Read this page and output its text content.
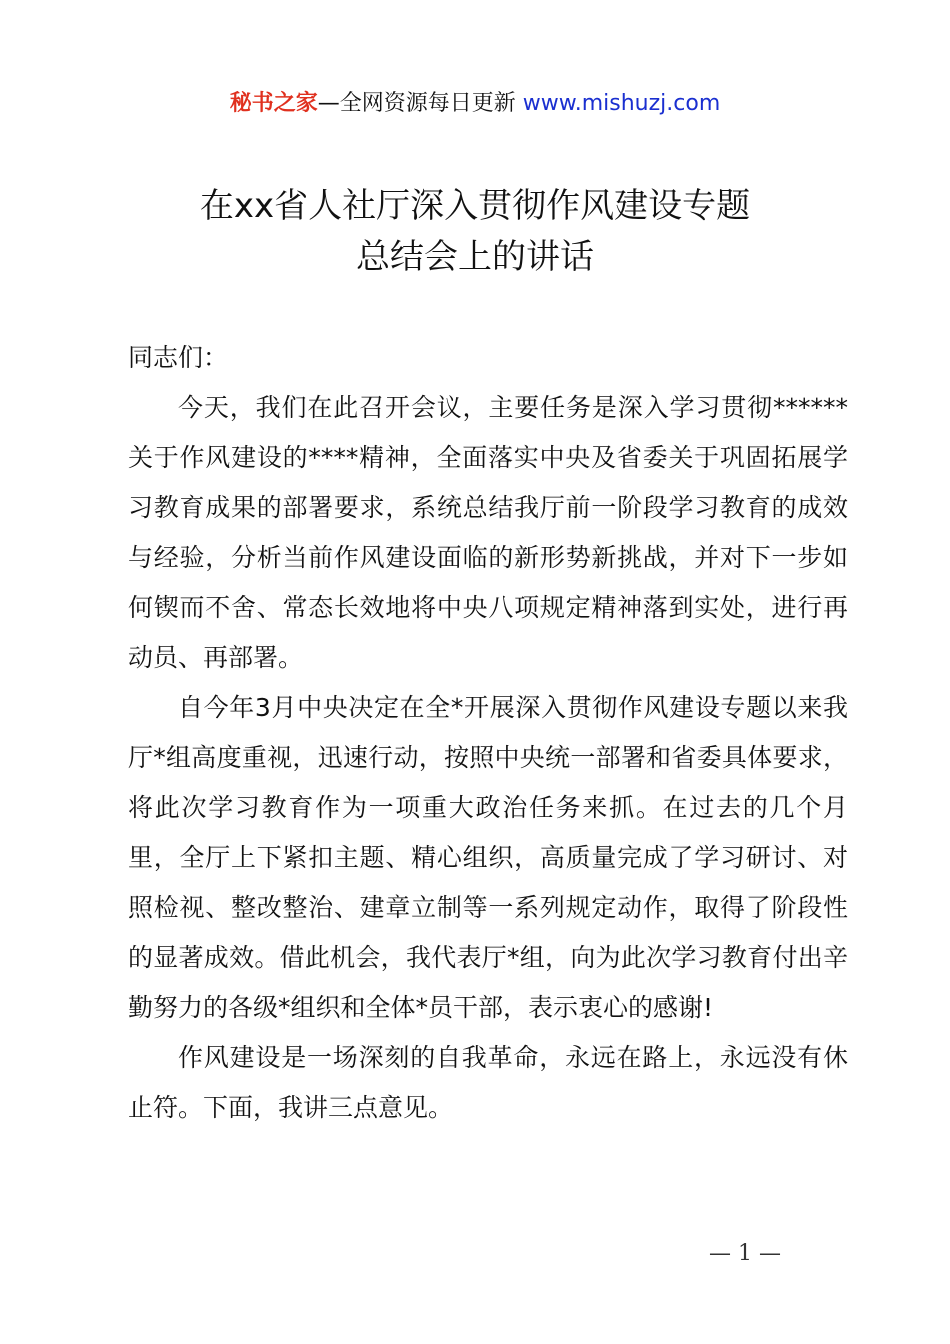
秘书之家—全网资源每日更新 www.mishuzj.com
在xx省人社厅深入贯彻作风建设专题
总结会上的讲话

同志们：

今天，我们在此召开会议，主要任务是深入学习贯彻******关于作风建设的****精神，全面落实中央及省委关于巩固拓展学习教育成果的部署要求，系统总结我厅前一阶段学习教育的成效与经验，分析当前作风建设面临的新形势新挑战，并对下一步如何锲而不舍、常态长效地将中央八项规定精神落到实处，进行再动员、再部署。

自今年3月中央决定在全*开展深入贯彻作风建设专题以来我厅*组高度重视，迅速行动，按照中央统一部署和省委具体要求，将此次学习教育作为一项重大政治任务来抓。在过去的几个月里，全厅上下紧扣主题、精心组织，高质量完成了学习研讨、对照检视、整改整治、建章立制等一系列规定动作，取得了阶段性的显著成效。借此机会，我代表厅*组，向为此次学习教育付出辛勤努力的各级*组织和全体*员干部，表示衷心的感谢!

作风建设是一场深刻的自我革命，永远在路上，永远没有休止符。下面，我讲三点意见。

— 1 —
